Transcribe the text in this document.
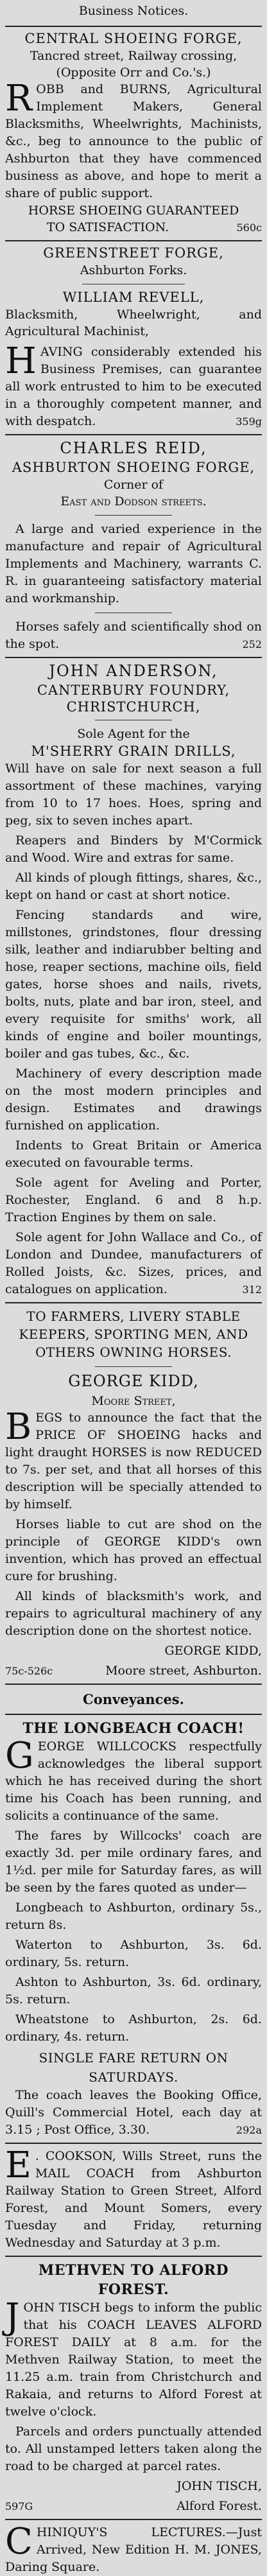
Business Notices.
CENTRAL SHOEING FORGE,
Tancred street, Railway crossing,
(Opposite Orr and Co.'s.)
R OBB and BURNS, Agricultural Implement Makers, General Blacksmiths, Wheelwrights, Machinists, &c., beg to announce to the public of Ashburton that they have commenced business as above, and hope to merit a share of public support.
HORSE SHOEING GUARANTEED
TO SATISFACTION.	560c
GREENSTREET FORGE,
Ashburton Forks.
WILLIAM REVELL,
Blacksmith, Wheelwright, and Agricultural Machinist,
H AVING considerably extended his Business Premises, can guarantee all work entrusted to him to be executed in a thoroughly competent manner, and with despatch.	359g
CHARLES REID,
ASHBURTON SHOEING FORGE,
Corner of
East and Dodson streets.

A large and varied experience in the manufacture and repair of Agricultural Implements and Machinery, warrants C. R. in guaranteeing satisfactory material and workmanship.

Horses safely and scientifically shod on the spot.	252

JOHN ANDERSON,
CANTERBURY FOUNDRY,
CHRISTCHURCH,
Sole Agent for the
M'SHERRY GRAIN DRILLS,

Will have on sale for next season a full assortment of these machines, varying from 10 to 17 hoes. Hoes, spring and peg, six to seven inches apart.

Reapers and Binders by M'Cormick and Wood. Wire and extras for same.

All kinds of plough fittings, shares, &c., kept on hand or cast at short notice.

Fencing standards and wire, millstones, grindstones, flour dressing silk, leather and indiarubber belting and hose, reaper sections, machine oils, field gates, horse shoes and nails, rivets, bolts, nuts, plate and bar iron, steel, and every requisite for smiths' work, all kinds of engine and boiler mountings, boiler and gas tubes, &c., &c.

Machinery of every description made on the most modern principles and design. Estimates and drawings furnished on application.

Indents to Great Britain or America executed on favourable terms.

Sole agent for Aveling and Porter, Rochester, England. 6 and 8 h.p. Traction Engines by them on sale.

Sole agent for John Wallace and Co., of London and Dundee, manufacturers of Rolled Joists, &c. Sizes, prices, and catalogues on application.	312

TO FARMERS, LIVERY STABLE KEEPERS, SPORTING MEN, AND OTHERS OWNING HORSES.
GEORGE KIDD,
Moore Street,
B EGS to announce the fact that the PRICE OF SHOEING hacks and light draught HORSES is now REDUCED to 7s. per set, and that all horses of this description will be specially attended to by himself.

Horses liable to cut are shod on the principle of GEORGE KIDD's own invention, which has proved an effectual cure for brushing.

All kinds of blacksmith's work, and repairs to agricultural machinery of any description done on the shortest notice.

GEORGE KIDD,

75c-526c	Moore street, Ashburton.
Conveyances.
THE LONGBEACH COACH!
G EORGE WILLCOCKS respectfully acknowledges the liberal support which he has received during the short time his Coach has been running, and solicits a continuance of the same.

The fares by Willcocks' coach are exactly 3d. per mile ordinary fares, and 1½d. per mile for Saturday fares, as will be seen by the fares quoted as under—

Longbeach to Ashburton, ordinary 5s., return 8s.

Waterton to Ashburton, 3s. 6d. ordinary, 5s. return.

Ashton to Ashburton, 3s. 6d. ordinary, 5s. return.

Wheatstone to Ashburton, 2s. 6d. ordinary, 4s. return.

SINGLE FARE RETURN ON SATURDAYS.

The coach leaves the Booking Office, Quill's Commercial Hotel, each day at 3.15 ; Post Office, 3.30.	292a

E . COOKSON, Wills Street, runs the MAIL COACH from Ashburton Railway Station to Green Street, Alford Forest, and Mount Somers, every Tuesday and Friday, returning Wednesday and Saturday at 3 p.m.
METHVEN TO ALFORD FOREST.
J OHN TISCH begs to inform the public that his COACH LEAVES ALFORD FOREST DAILY at 8 a.m. for the Methven Railway Station, to meet the 11.25 a.m. train from Christchurch and Rakaia, and returns to Alford Forest at twelve o'clock.

Parcels and orders punctually attended to. All unstamped letters taken along the road to be charged at parcel rates.

JOHN TISCH,

597G	Alford Forest.
C HINIQUY'S LECTURES.—Just Arrived, New Edition H. M. JONES, Daring Square.
